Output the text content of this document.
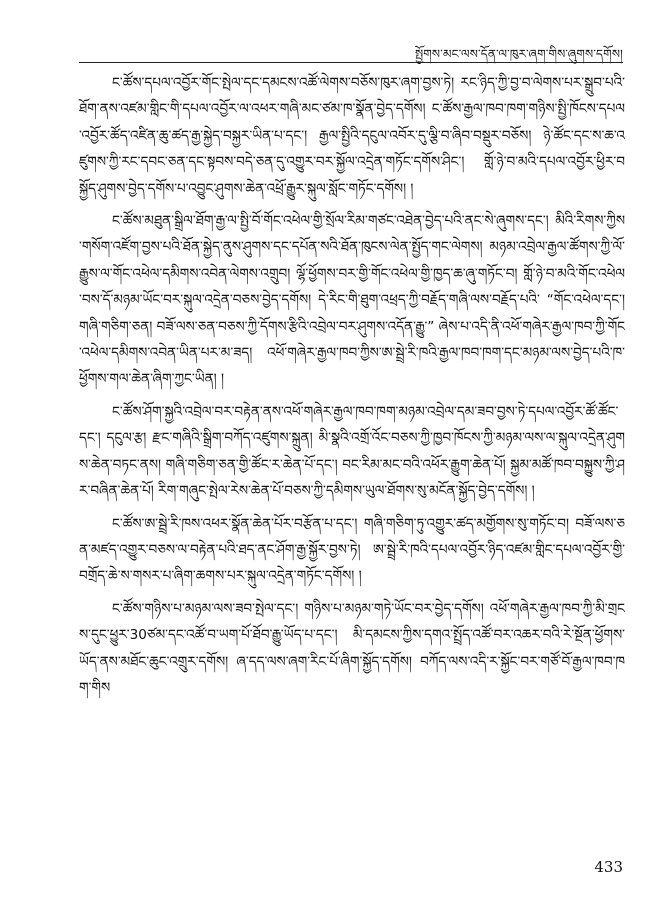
སྤྱོགས་མང་ལས་དོན་ལ་ཁུར་ཞག་གིས་ཞུགས་དགོས།

ང་ཚོས་དཔལ་འབྱོར་གོང་སྤེལ་དང་དམངས་འཚོ་ལེགས་བཅོས་ཁུར་ཞག་བྱས་ཏེ། རང་ཉིད་ཀྱི་བྱ་བ་ལེགས་པར་སྒྲུབ་པའི་ཐོག་ནས་འཛམ་གླིང་གི་དཔལ་འབྱོར་ལ་འཕར་གཞི་མང་ཙམ་ཁ་སྣོན་བྱེད་དགོས། ང་ཚོས་རྒྱལ་ཁབ་ཁག་གཉིས་སྤྱི་ཁོངས་དཔལ་འབྱོར་ཚོད་འཛིན་ཆུ་ཚད་རྒྱ་སྐྱེད་བསྐྱར་ཡིན་པ་དང་། རྒྱལ་སྤྱིའི་དངུལ་འབོར་དུ་ལྕི་བ་ཞིབ་བསྡུར་བཅོས། ཉེ་ཚོང་དང་ས་ཆ་འཛུགས་ཀྱི་རང་དབང་ཅན་དང་སྟབས་བདེ་ཅན་དུ་འགྱུར་བར་སྐྱོལ་འདྲེན་གཏོང་དགོས་ཤིང་། གློ་ཉེ་བ་མའི་དཔལ་འབྱོར་ཕྱིར་བསྐྱོད་ཤུགས་བྱེད་དགོས་པ་འབྱུང་ཤུགས་ཆེན་འཕྲོ་རྒྱུར་སྐུལ་སློང་གཏོང་དགོས། །

ང་ཚོས་མཐུན་སྒྲིལ་ཐོག་རྒྱ་ལ་སྤྱི་བོ་གོང་འཕེལ་གྱི་སྲོལ་རིམ་གཙང་འཐེན་བྱེད་པའི་ནང་སེ་ཞུགས་དང་། མིའི་རིགས་ཀྱིས་གསོག་འཛོག་བྱས་པའི་ཐོན་སྐྱེད་ནུས་ཤུགས་དང་དཔོན་སའི་ཐོན་ཁུངས་ལེན་སྤྱོད་གང་ལེགས། མཉམ་འབྲེལ་རྒྱལ་ཚོགས་ཀྱི་ལོ་རྒྱུས་ལ་གོང་འཕེལ་དམིགས་འབེན་ལེགས་འགྲུབ། ལྷོ་ཕྱོགས་བར་གྱི་གོང་འཕེལ་གྱི་ཁྱད་ཆ་ཞུ་གཏོང་བ། གློ་ཉེ་བ་མའི་གོང་འཕེལ་བས་དོ་མཉམ་ཡོང་བར་སྐུལ་འདྲེན་བཅས་བྱེད་དགོས། དེ་རིང་གི་ཐུག་འཕྲད་ཀྱི་བརྗོད་གཞི་ལས་བརྗོད་པའི་ “གོང་འཕེལ་དང་། གཞི་གཅིག་ཅན། བཟོ་ལས་ཅན་བཅས་ཀྱི་དོགས་རྩིའི་འབྲེལ་བར་ཤུགས་འདོན་རྒྱུ་” ཞེས་པ་འདི་ནི་འཕོ་གཞེར་རྒྱལ་ཁབ་ཀྱི་གོང་འཕེལ་དམིགས་འབེན་ཡིན་པར་མ་ཟད། འཕོ་གཞེར་རྒྱལ་ཁབ་ཀྱིས་ཨ་སྦྲེ་རི་ཁའི་རྒྱལ་ཁབ་ཁག་དང་མཉམ་ལས་བྱེད་པའི་ཁ་ཕྱོགས་གལ་ཆེན་ཞིག་ཀྱང་ཡིན། །

ང་ཚོས་ཤོག་སྐྱའི་འབྲེལ་བར་བརྟེན་ནས་འཕོ་གཞེར་རྒྱལ་ཁབ་ཁག་མཉམ་འབྲེལ་དམ་ཟབ་བྱས་ཏེ་དཔལ་འབྱོར་ཚོ་ཚོང་དང་། དངུལ་རྩ། རྫང་གཞིའི་སྒྲིག་བཀོད་འཛུགས་སྐྲུན། མི་སྣའི་འགྲོ་འོང་བཅས་ཀྱི་ཁྱབ་ཁོངས་ཀྱི་མཉམ་ལས་ལ་སྐུལ་འདྲེན་ཤུགས་ཆེན་བཏང་ནས། གཞི་གཅིག་ཅན་གྱི་ཚོང་ར་ཆེན་པོ་དང་། བང་རིམ་མང་བའི་འཕོར་རྒྱུག་ཆེན་པོ། སྐྱམ་མཚོ་ཁབ་བསྐྱུས་ཀྱི་ཤར་བཞིན་ཆེན་པོ། རིག་གཞུང་སྤེལ་རེས་ཆེན་པོ་བཅས་ཀྱི་དམིགས་ཡུལ་ཐོགས་སུ་མངོན་སྐྱོད་བྱེད་དགོས། །

ང་ཚོས་ཨ་སྦྲེ་རི་ཁས་འཕར་སྣོན་ཆེན་པོར་བརྩོན་པ་དང་། གཞི་གཅིག་ཏུ་འགྱུར་ཚད་མགྱོགས་སུ་གཏོང་བ། བཟོ་ལས་ཅན་མཛད་འགྱུར་བཅས་ལ་བརྟེན་པའི་ཐད་ནང་ཤོག་རྒྱ་སྐྱོར་བྱས་ཏེ། ཨ་སྦྲེ་རི་ཁའི་དཔལ་འབྱོར་ཉིད་འཛམ་གླིང་དཔལ་འབྱོར་གྱི་བགྲོད་ཆེ་ས་གསར་པ་ཞིག་ཆགས་པར་སྐུལ་འདྲེན་གཏོང་དགོས། །

ང་ཚོས་གཉིས་པ་མཉམ་ལས་ཟབ་སྤེལ་དང་། གཉིས་པ་མཉམ་གཏེ་ཡོང་བར་བྱེད་དགོས། འཕོ་གཞེར་རྒྱལ་ཁབ་ཀྱི་མི་གྲངས་དུང་ཕྱུར་30ཙམ་དང་འཚོ་བ་ཡག་པོ་ཐོབ་རྒྱུ་ཡོད་པ་དང་། མི་དམངས་ཀྱིས་དགའ་སྤྲོད་འཚོ་བར་འཆར་བའི་རེ་སྔོན་ཕྱོགས་ཡོད་ནས་མཐོང་ཆུང་འགྲུར་དགོས། ཞ་དད་ལས་ཞག་རིང་པོ་ཞིག་སྐྱོད་དགོས། བཀོད་ལས་འདི་ར་སྐྱོང་བར་གཙོ་བོ་རྒྱལ་ཁབ་ཁག་གིས

433
